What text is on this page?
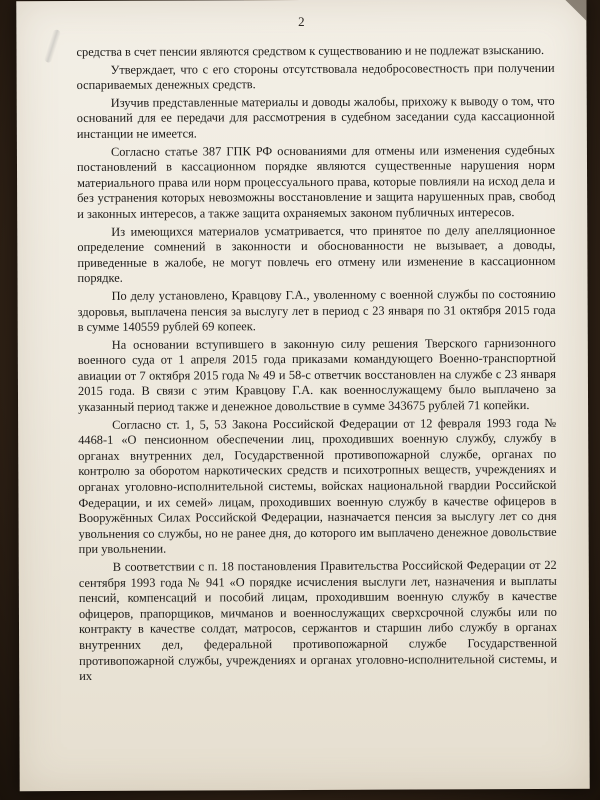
2

средства в счет пенсии являются средством к существованию и не подлежат взысканию.

Утверждает, что с его стороны отсутствовала недобросовестность при получении оспариваемых денежных средств.

Изучив представленные материалы и доводы жалобы, прихожу к выводу о том, что оснований для ее передачи для рассмотрения в судебном заседании суда кассационной инстанции не имеется.

Согласно статье 387 ГПК РФ основаниями для отмены или изменения судебных постановлений в кассационном порядке являются существенные нарушения норм материального права или норм процессуального права, которые повлияли на исход дела и без устранения которых невозможны восстановление и защита нарушенных прав, свобод и законных интересов, а также защита охраняемых законом публичных интересов.

Из имеющихся материалов усматривается, что принятое по делу апелляционное определение сомнений в законности и обоснованности не вызывает, а доводы, приведенные в жалобе, не могут повлечь его отмену или изменение в кассационном порядке.

По делу установлено, Кравцову Г.А., уволенному с военной службы по состоянию здоровья, выплачена пенсия за выслугу лет в период с 23 января по 31 октября 2015 года в сумме 140559 рублей 69 копеек.

На основании вступившего в законную силу решения Тверского гарнизонного военного суда от 1 апреля 2015 года приказами командующего Военно-транспортной авиации от 7 октября 2015 года № 49 и 58-с ответчик восстановлен на службе с 23 января 2015 года. В связи с этим Кравцову Г.А. как военнослужащему было выплачено за указанный период также и денежное довольствие в сумме 343675 рублей 71 копейки.

Согласно ст. 1, 5, 53 Закона Российской Федерации от 12 февраля 1993 года № 4468-1 «О пенсионном обеспечении лиц, проходивших военную службу, службу в органах внутренних дел, Государственной противопожарной службе, органах по контролю за оборотом наркотических средств и психотропных веществ, учреждениях и органах уголовно-исполнительной системы, войсках национальной гвардии Российской Федерации, и их семей» лицам, проходивших военную службу в качестве офицеров в Вооружённых Силах Российской Федерации, назначается пенсия за выслугу лет со дня увольнения со службы, но не ранее дня, до которого им выплачено денежное довольствие при увольнении.

В соответствии с п. 18 постановления Правительства Российской Федерации от 22 сентября 1993 года № 941 «О порядке исчисления выслуги лет, назначения и выплаты пенсий, компенсаций и пособий лицам, проходившим военную службу в качестве офицеров, прапорщиков, мичманов и военнослужащих сверхсрочной службы или по контракту в качестве солдат, матросов, сержантов и старшин либо службу в органах внутренних дел, федеральной противопожарной службе Государственной противопожарной службы, учреждениях и органах уголовно-исполнительной системы, и их
